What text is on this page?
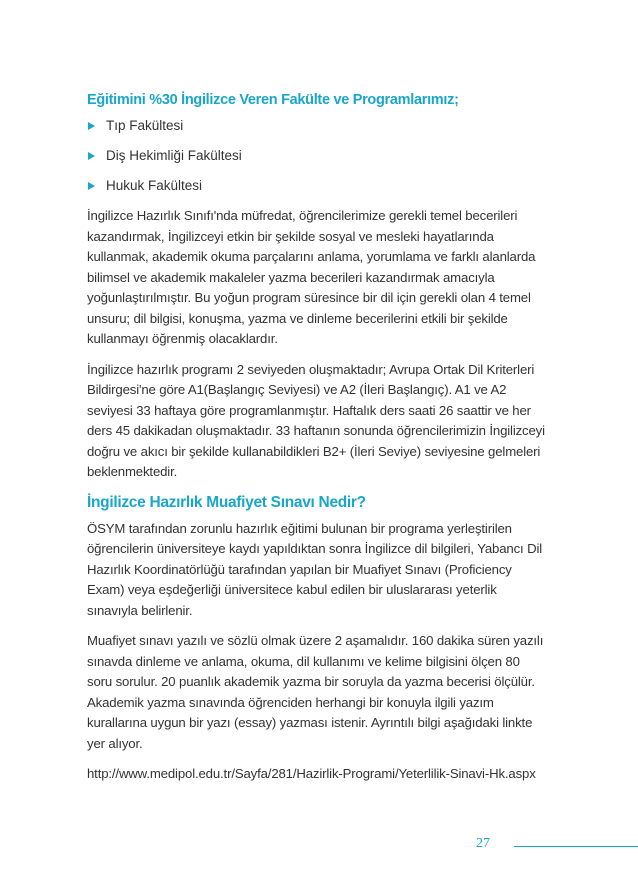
Eğitimini %30 İngilizce Veren Fakülte ve Programlarımız;
Tıp Fakültesi
Diş Hekimliği Fakültesi
Hukuk Fakültesi

İngilizce Hazırlık Sınıfı'nda müfredat, öğrencilerimize gerekli temel becerileri kazandırmak, İngilizceyi etkin bir şekilde sosyal ve mesleki hayatlarında kullanmak, akademik okuma parçalarını anlama, yorumlama ve farklı alanlarda bilimsel ve akademik makaleler yazma becerileri kazandırmak amacıyla yoğunlaştırılmıştır. Bu yoğun program süresince bir dil için gerekli olan 4 temel unsuru; dil bilgisi, konuşma, yazma ve dinleme becerilerini etkili bir şekilde kullanmayı öğrenmiş olacaklardır.

İngilizce hazırlık programı 2 seviyeden oluşmaktadır; Avrupa Ortak Dil Kriterleri Bildirgesi'ne göre A1(Başlangıç Seviyesi) ve A2 (İleri Başlangıç). A1 ve A2 seviyesi 33 haftaya göre programlanmıştır. Haftalık ders saati 26 saattir ve her ders 45 dakikadan oluşmaktadır. 33 haftanın sonunda öğrencilerimizin İngilizceyi doğru ve akıcı bir şekilde kullanabildikleri B2+ (İleri Seviye) seviyesine gelmeleri beklenmektedir.

İngilizce Hazırlık Muafiyet Sınavı Nedir?

ÖSYM tarafından zorunlu hazırlık eğitimi bulunan bir programa yerleştirilen öğrencilerin üniversiteye kaydı yapıldıktan sonra İngilizce dil bilgileri, Yabancı Dil Hazırlık Koordinatörlüğü tarafından yapılan bir Muafiyet Sınavı (Proficiency Exam) veya eşdeğerliği üniversitece kabul edilen bir uluslararası yeterlik sınavıyla belirlenir.

Muafiyet sınavı yazılı ve sözlü olmak üzere 2 aşamalıdır. 160 dakika süren yazılı sınavda dinleme ve anlama, okuma, dil kullanımı ve kelime bilgisini ölçen 80 soru sorulur. 20 puanlık akademik yazma bir soruyla da yazma becerisi ölçülür. Akademik yazma sınavında öğrenciden herhangi bir konuyla ilgili yazım kurallarına uygun bir yazı (essay) yazması istenir. Ayrıntılı bilgi aşağıdaki linkte yer alıyor.

http://www.medipol.edu.tr/Sayfa/281/Hazirlik-Programi/Yeterlilik-Sinavi-Hk.aspx

27
